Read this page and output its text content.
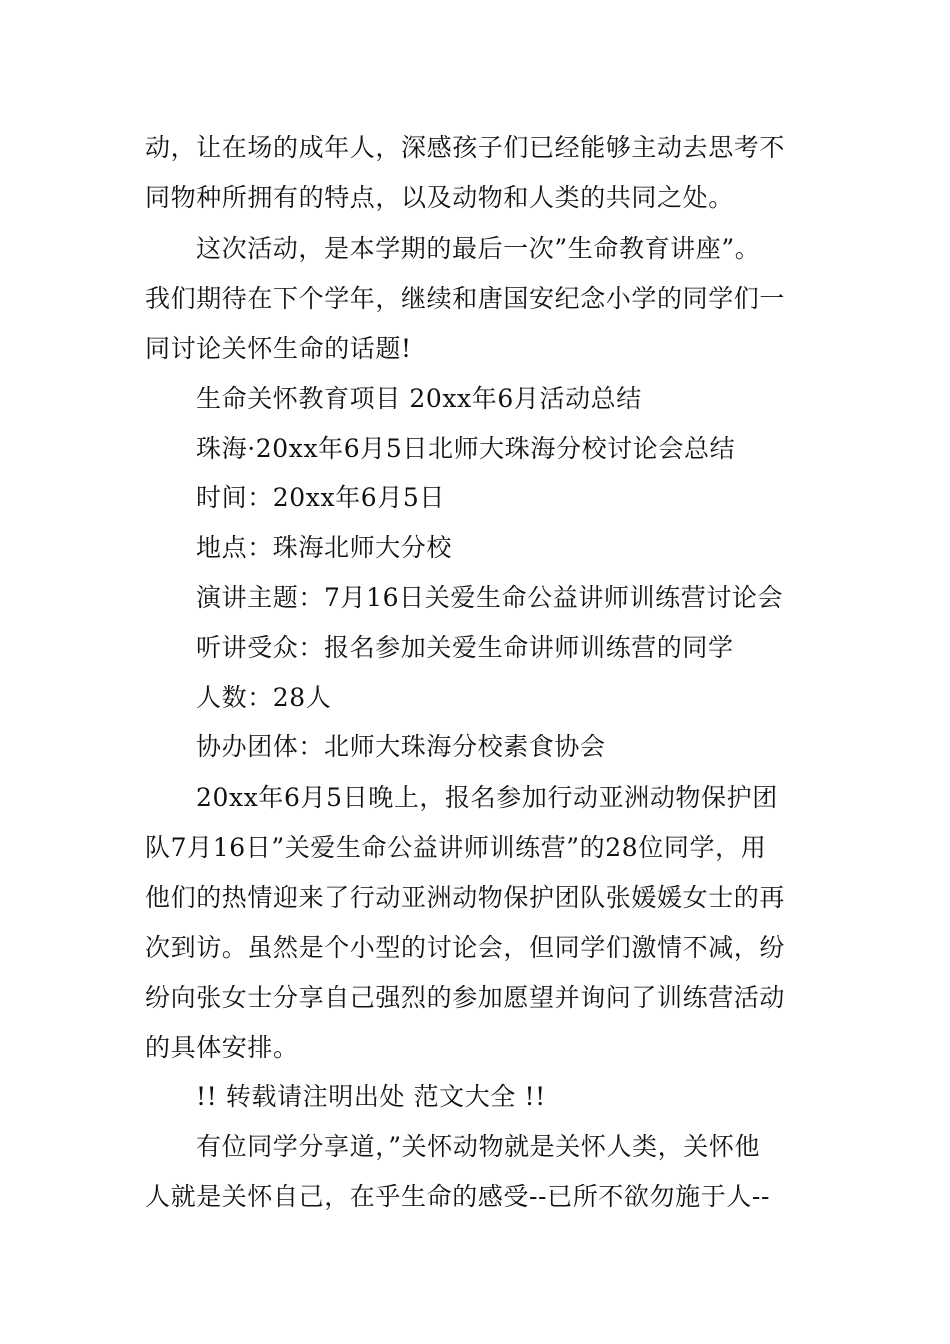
动，让在场的成年人，深感孩子们已经能够主动去思考不
同物种所拥有的特点，以及动物和人类的共同之处。
这次活动，是本学期的最后一次”生命教育讲座”。
我们期待在下个学年，继续和唐国安纪念小学的同学们一
同讨论关怀生命的话题!
生命关怀教育项目 20xx年6月活动总结
珠海·20xx年6月5日北师大珠海分校讨论会总结
时间：20xx年6月5日
地点：珠海北师大分校
演讲主题：7月16日关爱生命公益讲师训练营讨论会
听讲受众：报名参加关爱生命讲师训练营的同学
人数：28人
协办团体：北师大珠海分校素食协会
20xx年6月5日晚上，报名参加行动亚洲动物保护团
队7月16日”关爱生命公益讲师训练营”的28位同学，用
他们的热情迎来了行动亚洲动物保护团队张媛媛女士的再
次到访。虽然是个小型的讨论会，但同学们激情不减，纷
纷向张女士分享自己强烈的参加愿望并询问了训练营活动
的具体安排。
!! 转载请注明出处 范文大全 !!
有位同学分享道，”关怀动物就是关怀人类，关怀他
人就是关怀自己，在乎生命的感受--已所不欲勿施于人--
